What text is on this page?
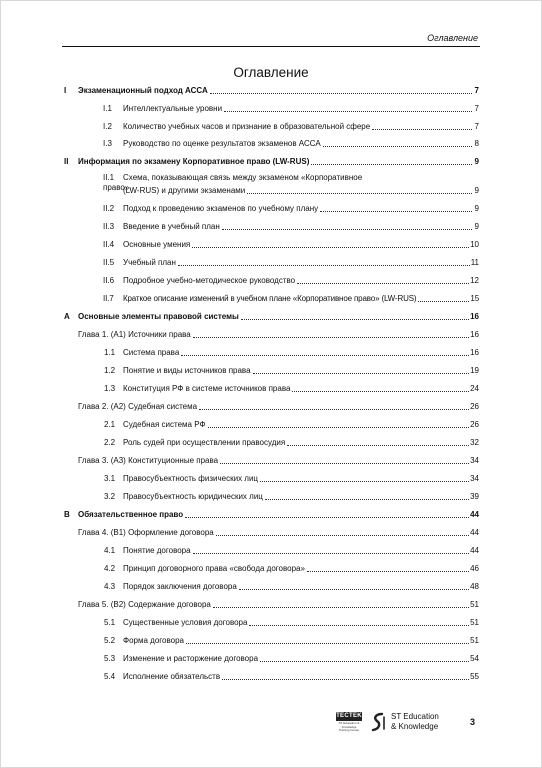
Оглавление
Оглавление
I	Экзаменационный подход АССА	7
I.1	Интеллектуальные уровни	7
I.2	Количество учебных часов и признание в образовательной сфере	7
I.3	Руководство по оценке результатов экзаменов АССА	8
II	Информация по экзамену Корпоративное право (LW-RUS)	9
II.1 Схема, показывающая связь между экзаменом «Корпоративное право»
(LW-RUS) и другими экзаменами	9
II.2	Подход к проведению экзаменов по учебному плану	9
II.3	Введение в учебный план	9
II.4	Основные умения	10
II.5	Учебный план	11
II.6	Подробное учебно-методическое руководство	12
II.7	Краткое описание изменений в учебном плане «Корпоративное право» (LW-RUS)	15
A	Основные элементы правовой системы	16
Глава 1. (A1) Источники права	16
1.1 Система права	16
1.2 Понятие и виды источников права	19
1.3 Конституция РФ в системе источников права	24
Глава 2. (A2) Судебная система	26
2.1 Судебная система РФ	26
2.2 Роль судей при осуществлении правосудия	32
Глава 3. (A3) Конституционные права	34
3.1 Правосубъектность физических лиц	34
3.2 Правосубъектность юридических лиц	39
B	Обязательственное право	44
Глава 4. (B1) Оформление договора	44
4.1 Понятие договора	44
4.2 Принцип договорного права «свобода договора»	46
4.3 Порядок заключения договора	48
Глава 5. (B2) Содержание договора	51
5.1 Существенные условия договора	51
5.2 Форма договора	51
5.3 Изменение и расторжение договора	54
5.4 Исполнение обязательств	55
TECTEK
ST Education & Knowledge Training Center
ST Education
& Knowledge	3
